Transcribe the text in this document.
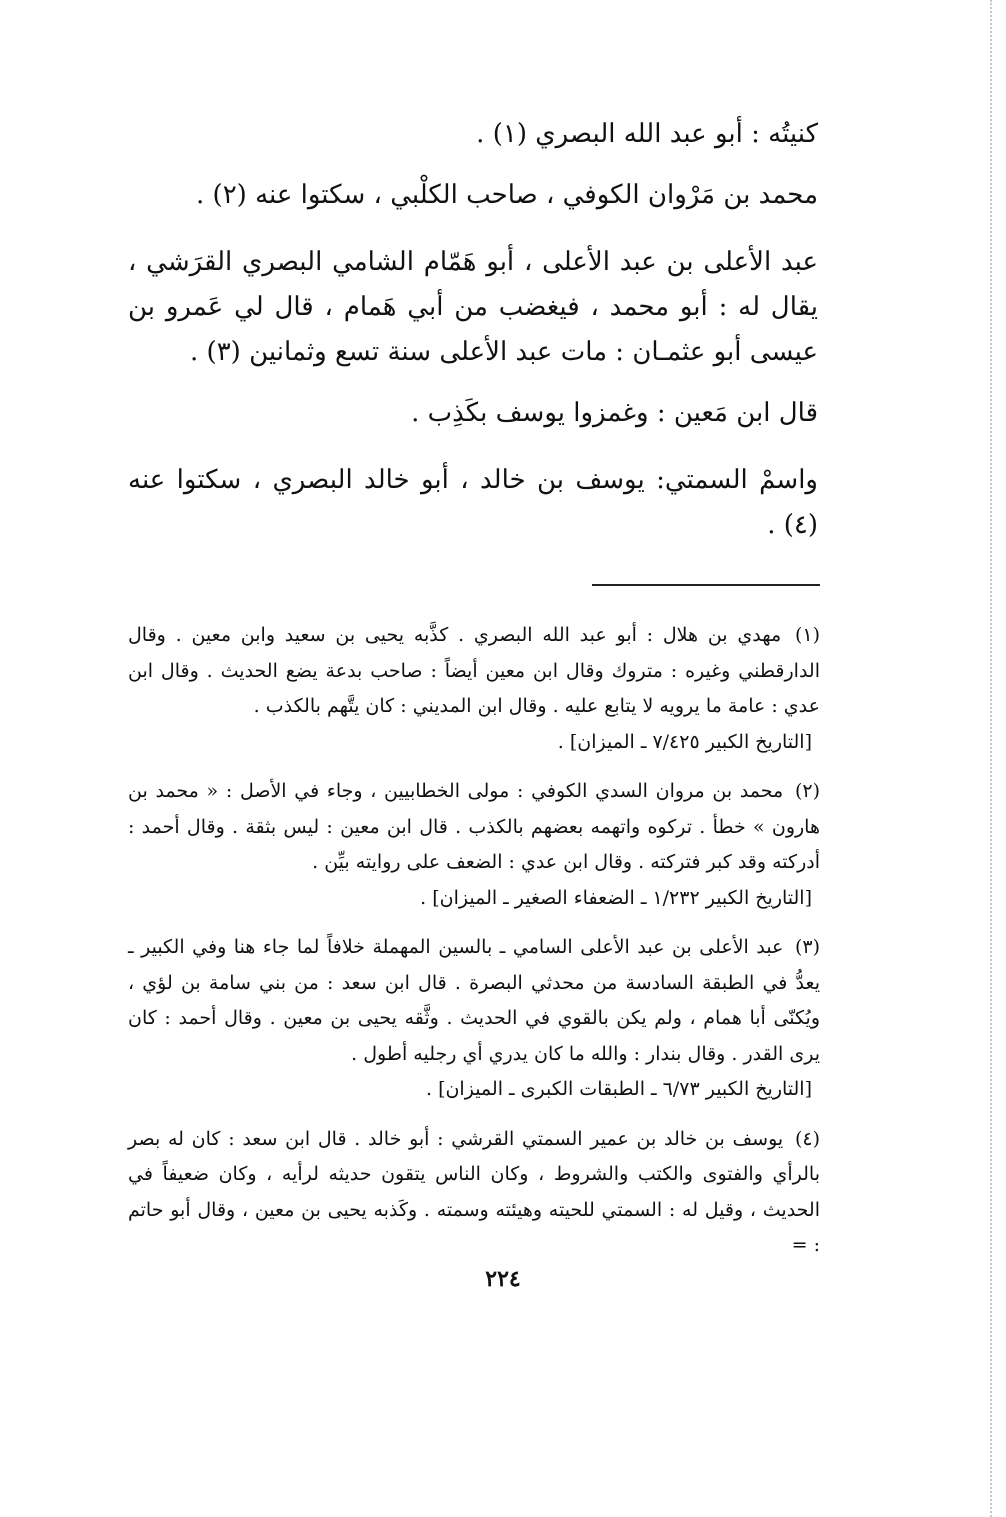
كنيتُه : أبو عبد الله البصري (١) .

محمد بن مَرْوان الكوفي ، صاحب الكلْبي ، سكتوا عنه (٢) .

عبد الأعلى بن عبد الأعلى ، أبو هَمّام الشامي البصري القرَشي ، يقال له : أبو محمد ، فيغضب من أبي هَمام ، قال لي عَمرو بن عيسى أبو عثمـان : مات عبد الأعلى سنة تسع وثمانين (٣) .

قال ابن مَعين : وغمزوا يوسف بكَذِب .

واسمْ السمتي: يوسف بن خالد ، أبو خالد البصري ، سكتوا عنه (٤) .

(١) مهدي بن هلال : أبو عبد الله البصري . كذَّبه يحيى بن سعيد وابن معين . وقال الدارقطني وغيره : متروك وقال ابن معين أيضاً : صاحب بدعة يضع الحديث . وقال ابن عدي : عامة ما يرويه لا يتابع عليه . وقال ابن المديني : كان يتَّهم بالكذب .

[التاريخ الكبير ٧/٤٢٥ ـ الميزان] .

(٢) محمد بن مروان السدي الكوفي : مولى الخطابيين ، وجاء في الأصل : « محمد بن هارون » خطأ . تركوه واتهمه بعضهم بالكذب . قال ابن معين : ليس بثقة . وقال أحمد : أدركته وقد كبر فتركته . وقال ابن عدي : الضعف على روايته بيِّن .

[التاريخ الكبير ١/٢٣٢ ـ الضعفاء الصغير ـ الميزان] .

(٣) عبد الأعلى بن عبد الأعلى السامي ـ بالسين المهملة خلافاً لما جاء هنا وفي الكبير ـ يعدُّ في الطبقة السادسة من محدثي البصرة . قال ابن سعد : من بني سامة بن لؤي ، ويُكنّى أبا همام ، ولم يكن بالقوي في الحديث . وثَّقه يحيى بن معين . وقال أحمد : كان يرى القدر . وقال بندار : والله ما كان يدري أي رجليه أطول .

[التاريخ الكبير ٦/٧٣ ـ الطبقات الكبرى ـ الميزان] .

(٤) يوسف بن خالد بن عمير السمتي القرشي : أبو خالد . قال ابن سعد : كان له بصر بالرأي والفتوى والكتب والشروط ، وكان الناس يتقون حديثه لرأيه ، وكان ضعيفاً في الحديث ، وقيل له : السمتي للحيته وهيئته وسمته . وكَذبه يحيى بن معين ، وقال أبو حاتم : =

٢٢٤
